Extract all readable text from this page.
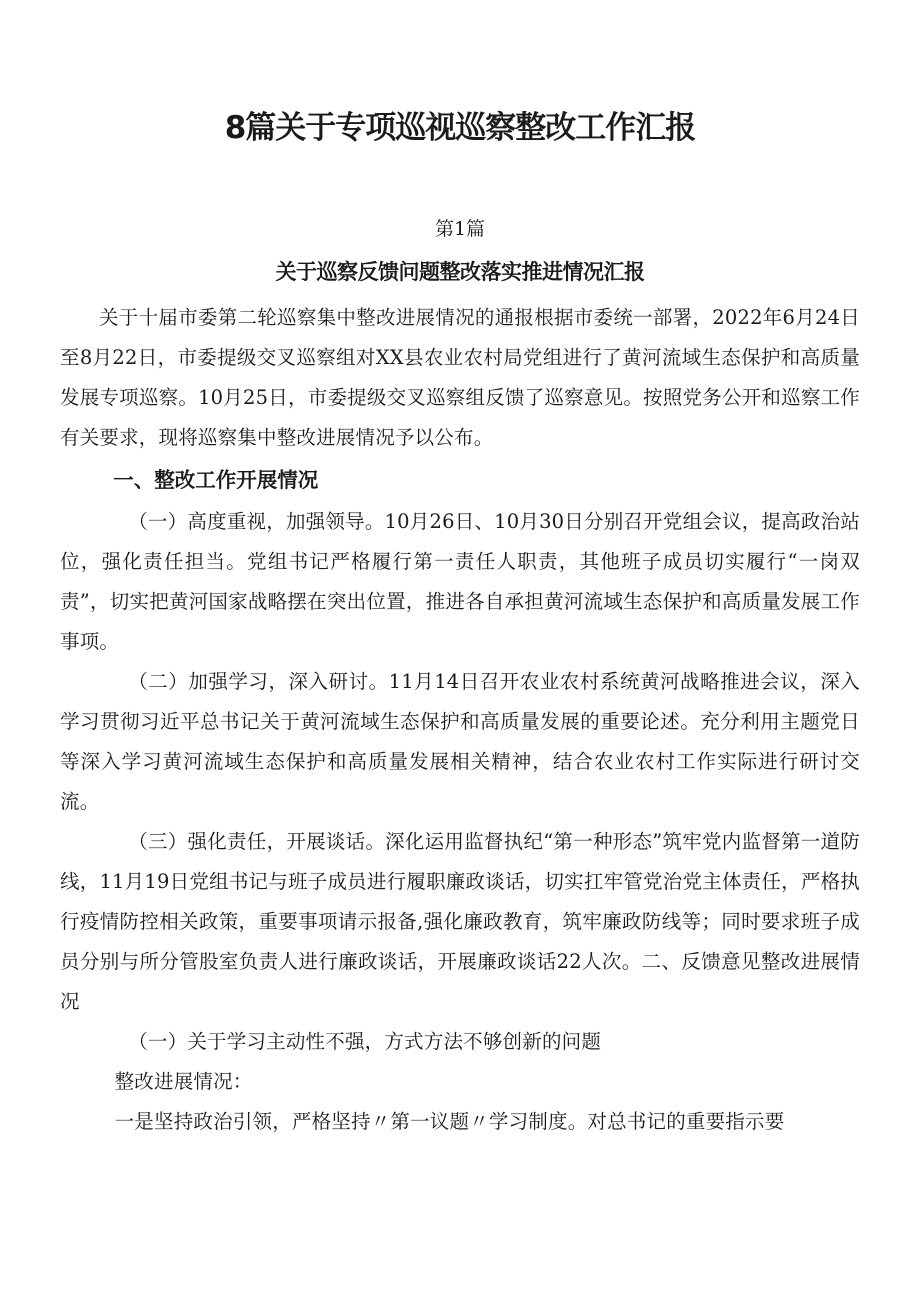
8篇关于专项巡视巡察整改工作汇报
第1篇
关于巡察反馈问题整改落实推进情况汇报

关于十届市委第二轮巡察集中整改进展情况的通报根据市委统一部署，2022年6月24日至8月22日，市委提级交叉巡察组对XX县农业农村局党组进行了黄河流域生态保护和高质量发展专项巡察。10月25日，市委提级交叉巡察组反馈了巡察意见。按照党务公开和巡察工作有关要求，现将巡察集中整改进展情况予以公布。

一、整改工作开展情况

（一）高度重视，加强领导。10月26日、10月30日分别召开党组会议，提高政治站位，强化责任担当。党组书记严格履行第一责任人职责，其他班子成员切实履行“一岗双责”，切实把黄河国家战略摆在突出位置，推进各自承担黄河流域生态保护和高质量发展工作事项。

（二）加强学习，深入研讨。11月14日召开农业农村系统黄河战略推进会议，深入学习贯彻习近平总书记关于黄河流域生态保护和高质量发展的重要论述。充分利用主题党日等深入学习黄河流域生态保护和高质量发展相关精神，结合农业农村工作实际进行研讨交流。

（三）强化责任，开展谈话。深化运用监督执纪“第一种形态”筑牢党内监督第一道防线，11月19日党组书记与班子成员进行履职廉政谈话，切实扛牢管党治党主体责任，严格执行疫情防控相关政策，重要事项请示报备,强化廉政教育，筑牢廉政防线等；同时要求班子成员分别与所分管股室负责人进行廉政谈话，开展廉政谈话22人次。二、反馈意见整改进展情况

（一）关于学习主动性不强，方式方法不够创新的问题

整改进展情况：

一是坚持政治引领，严格坚持〃第一议题〃学习制度。对总书记的重要指示要
